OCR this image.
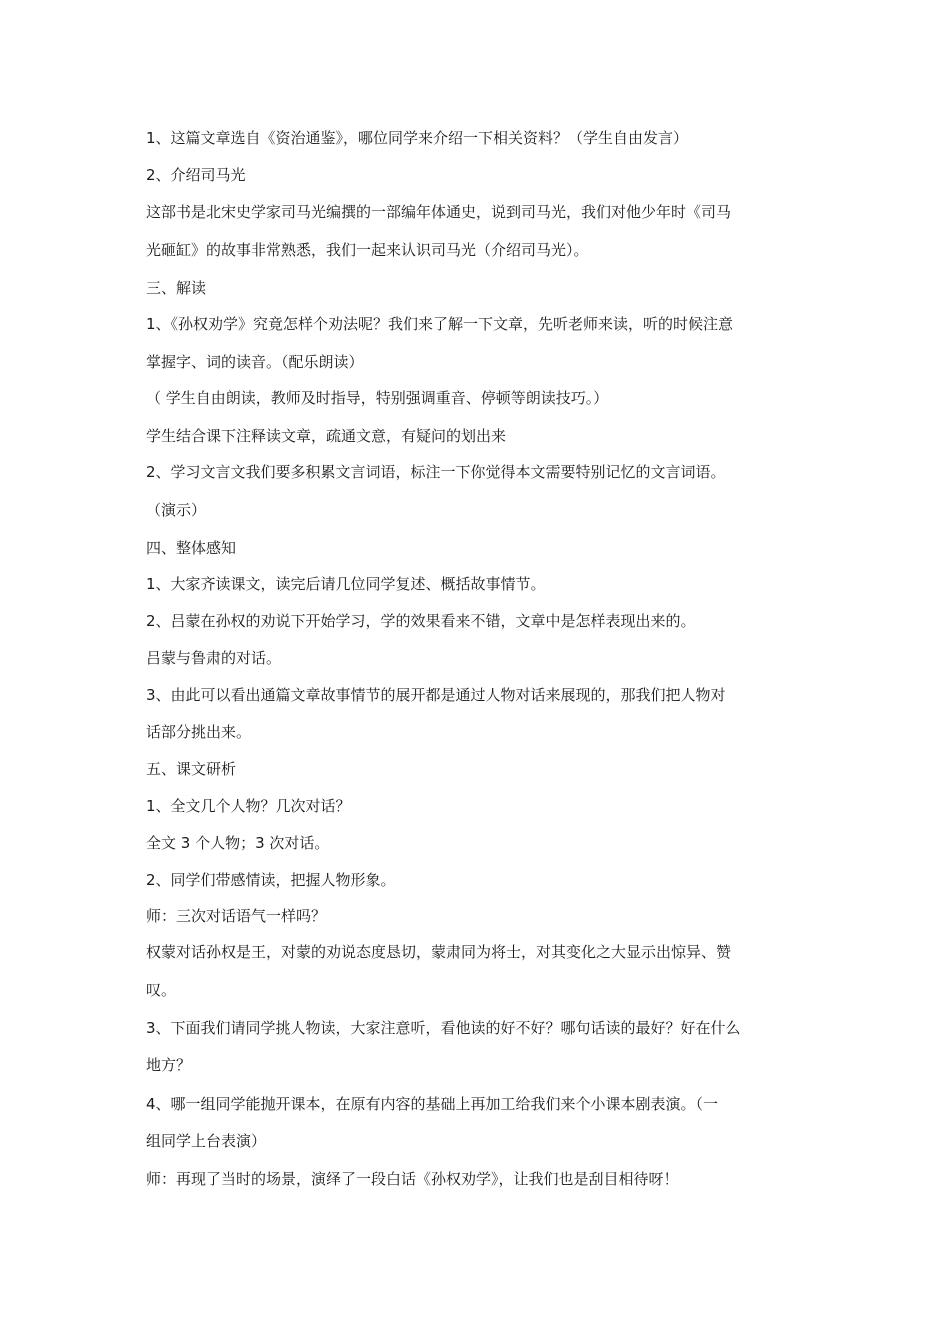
1、这篇文章选自《资治通鉴》，哪位同学来介绍一下相关资料？（学生自由发言）
2、介绍司马光
这部书是北宋史学家司马光编撰的一部编年体通史，说到司马光，我们对他少年时《司马
光砸缸》的故事非常熟悉，我们一起来认识司马光（介绍司马光）。
三、解读
1、《孙权劝学》究竟怎样个劝法呢？我们来了解一下文章，先听老师来读，听的时候注意
掌握字、词的读音。（配乐朗读）
（ 学生自由朗读，教师及时指导，特别强调重音、停顿等朗读技巧。）
学生结合课下注释读文章，疏通文意，有疑问的划出来
2、学习文言文我们要多积累文言词语，标注一下你觉得本文需要特别记忆的文言词语。
（演示）
四、整体感知
1、大家齐读课文，读完后请几位同学复述、概括故事情节。
2、吕蒙在孙权的劝说下开始学习，学的效果看来不错，文章中是怎样表现出来的。
吕蒙与鲁肃的对话。
3、由此可以看出通篇文章故事情节的展开都是通过人物对话来展现的，那我们把人物对
话部分挑出来。
五、课文研析
1、全文几个人物？几次对话？
全文 3 个人物；3 次对话。
2、同学们带感情读，把握人物形象。
师：三次对话语气一样吗？
权蒙对话孙权是王，对蒙的劝说态度恳切，蒙肃同为将士，对其变化之大显示出惊异、赞
叹。
3、下面我们请同学挑人物读，大家注意听，看他读的好不好？哪句话读的最好？好在什么
地方？
4、哪一组同学能抛开课本，在原有内容的基础上再加工给我们来个小课本剧表演。（一
组同学上台表演）
师：再现了当时的场景，演绎了一段白话《孙权劝学》，让我们也是刮目相待呀！
